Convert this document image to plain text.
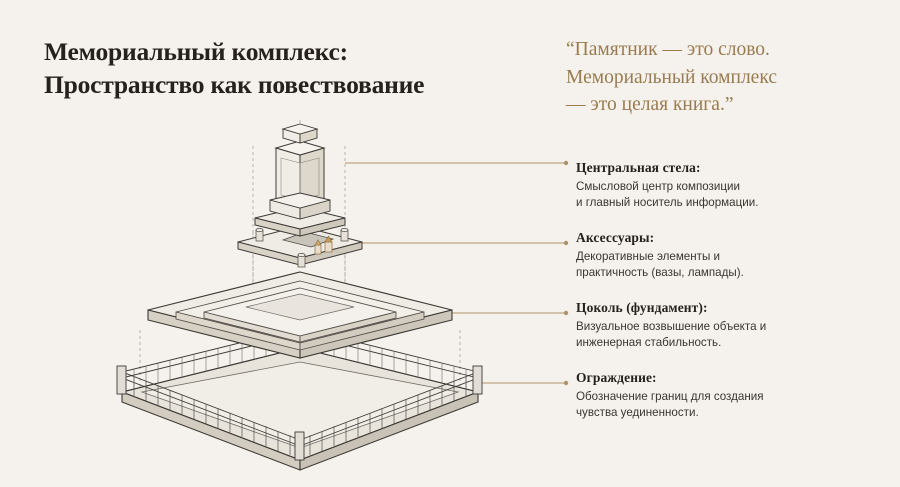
Мемориальный комплекс:
Пространство как повествование
“Памятник — это слово.
Мемориальный комплекс
— это целая книга.”
Центральная стела:
Смысловой центр композиции
и главный носитель информации.
Аксессуары:
Декоративные элементы и
практичность (вазы, лампады).
Цоколь (фундамент):
Визуальное возвышение объекта и
инженерная стабильность.
Ограждение:
Обозначение границ для создания
чувства уединенности.
